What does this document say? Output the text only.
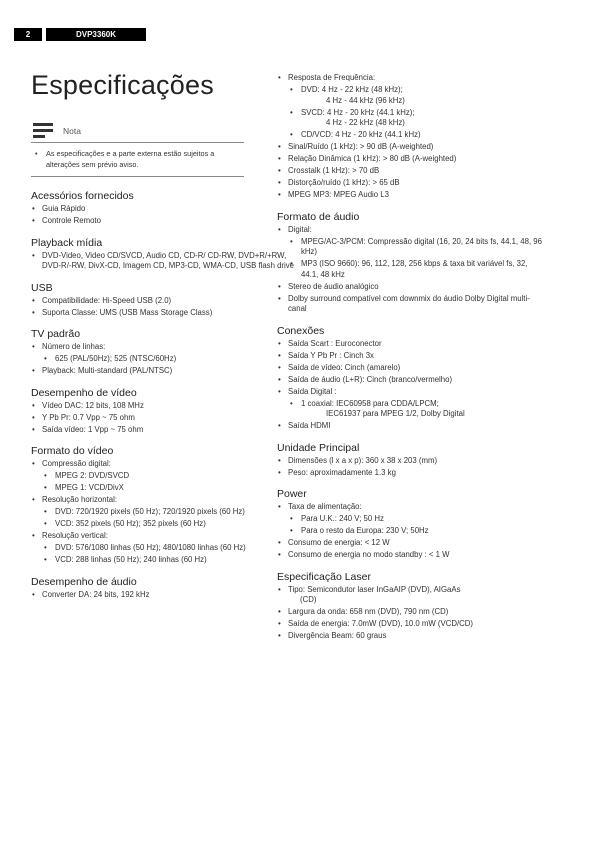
2	DVP3360K
Especificações
Nota
• As especificações e a parte externa estão sujeitos a alterações sem prévio aviso.
Acessórios fornecidos
• Guia Rápido
• Controle Remoto
Playback mídia
• DVD-Video, Video CD/SVCD, Audio CD, CD-R/ CD-RW, DVD+R/+RW, DVD-R/-RW, DivX-CD, Imagem CD, MP3-CD, WMA-CD, USB flash drive
USB
• Compatibilidade: Hi-Speed USB (2.0)
• Suporta Classe: UMS (USB Mass Storage Class)
TV padrão
• Número de linhas:
• 625 (PAL/50Hz); 525 (NTSC/60Hz)
• Playback: Multi-standard (PAL/NTSC)
Desempenho de vídeo
• Vídeo DAC: 12 bits, 108 MHz
• Y Pb Pr: 0.7 Vpp ~ 75 ohm
• Saída vídeo: 1 Vpp ~ 75 ohm
Formato do vídeo
• Compressão digital:
• MPEG 2: DVD/SVCD
• MPEG 1: VCD/DivX
• Resolução horizontal:
• DVD: 720/1920 pixels (50 Hz); 720/1920 pixels (60 Hz)
• VCD: 352 pixels (50 Hz); 352 pixels (60 Hz)
• Resolução vertical:
• DVD: 576/1080 linhas (50 Hz); 480/1080 linhas (60 Hz)
• VCD: 288 linhas (50 Hz); 240 linhas (60 Hz)
Desempenho de áudio
• Converter DA: 24 bits, 192 kHz
• Resposta de Frequência:
• DVD: 4 Hz - 22 kHz (48 kHz);
4 Hz - 44 kHz (96 kHz)
• SVCD: 4 Hz - 20 kHz (44.1 kHz);
4 Hz - 22 kHz (48 kHz)
• CD/VCD: 4 Hz - 20 kHz (44.1 kHz)
• Sinal/Ruído (1 kHz): > 90 dB (A-weighted)
• Relação Dinâmica (1 kHz): > 80 dB (A-weighted)
• Crosstalk (1 kHz): > 70 dB
• Distorção/ruído (1 kHz): > 65 dB
• MPEG MP3: MPEG Audio L3
Formato de áudio
• Digital:
• MPEG/AC-3/PCM: Compressão digital (16, 20, 24 bits fs, 44.1, 48, 96 kHz)
• MP3 (ISO 9660): 96, 112, 128, 256 kbps & taxa bit variável fs, 32, 44.1, 48 kHz
• Stereo de áudio analógico
• Dolby surround compatível com downmix do áudio Dolby Digital multi-canal
Conexões
• Saída Scart : Euroconector
• Saída Y Pb Pr : Cinch 3x
• Saída de vídeo: Cinch (amarelo)
• Saída de áudio (L+R): Cinch (branco/vermelho)
• Saída Digital :
• 1 coaxial: IEC60958 para CDDA/LPCM;
IEC61937 para MPEG 1/2, Dolby Digital
• Saída HDMI
Unidade Principal
• Dimensões (l x a x p): 360 x 38 x 203 (mm)
• Peso: aproximadamente 1.3 kg
Power
• Taxa de alimentação:
• Para U.K.: 240 V; 50 Hz
• Para o resto da Europa: 230 V; 50Hz
• Consumo de energia: < 12 W
• Consumo de energia no modo standby : < 1 W
Especificação Laser
• Tipo: Semicondutor laser InGaAIP (DVD), AIGaAs
(CD)
• Largura da onda: 658 nm (DVD), 790 nm (CD)
• Saída de energia: 7.0mW (DVD), 10.0 mW (VCD/CD)
• Divergência Beam: 60 graus
